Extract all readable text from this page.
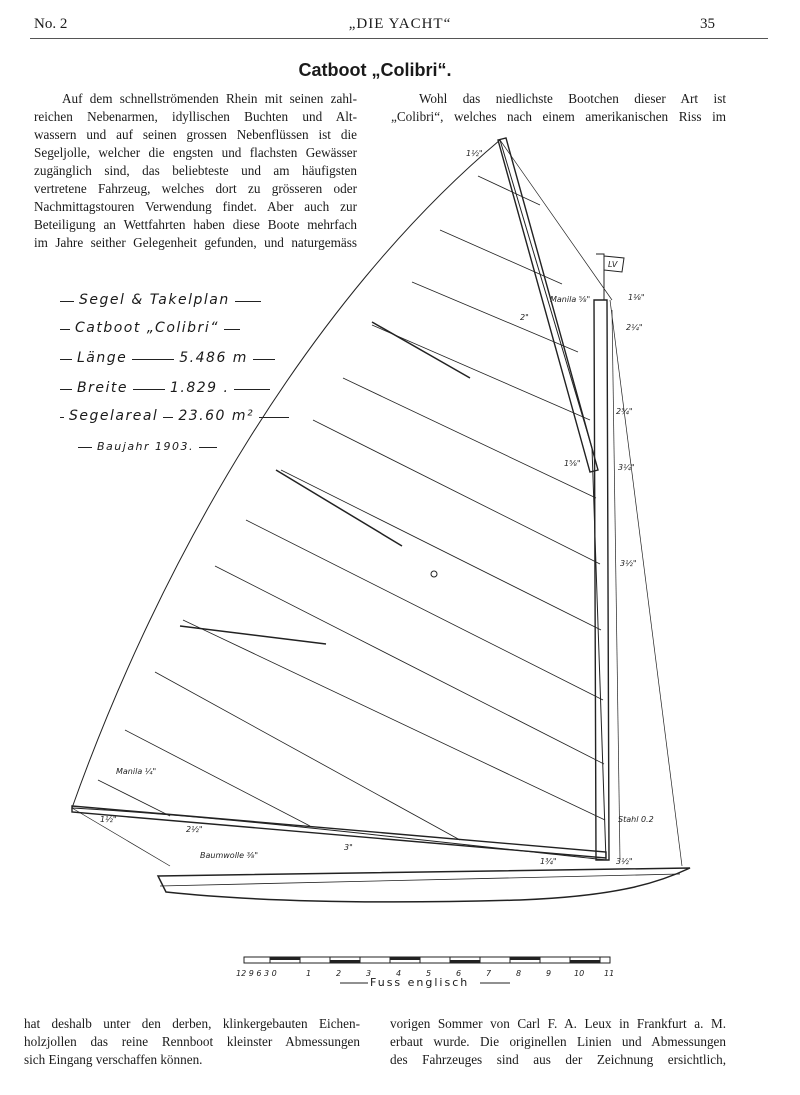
No. 2	„DIE YACHT“	35
Catboot „Colibri“.
Auf dem schnellströmenden Rhein mit seinen zahl-
reichen Nebenarmen, idyllischen Buchten und Alt-
wassern und auf seinen grossen Nebenflüssen ist die
Segeljolle, welcher die engsten und flachsten Gewässer
zugänglich sind, das beliebteste und am häufigsten
vertretene Fahrzeug, welches dort zu grösseren oder
Nachmittagstouren Verwendung findet. Aber auch zur
Beteiligung an Wettfahrten haben diese Boote mehrfach
im Jahre seither Gelegenheit gefunden, und naturgemäss
Wohl das niedlichste Bootchen dieser Art ist
„Colibri“, welches nach einem amerikanischen Riss im
Segel & Takelplan
Catboot „Colibri“
Länge	5.486 m
Breite	1.829 .
Segelareal 23.60 m²
Baujahr 1903.
1½"
Manila ⅝"	1⅛"
2¼"
2"
2¾"
1⅝"	3¼"
3½"
Manila ¼"
1½"
2½"
3"
Baumwolle ⅜"
Stahl 0.2
1¾"	3½"
LV
12 9 6 3 0	1	2	3	4	5	6	7	8	9	10 11
Fuss englisch
hat deshalb unter den derben, klinkergebauten Eichen-
holzjollen das reine Rennboot kleinster Abmessungen
sich Eingang verschaffen können.
vorigen Sommer von Carl F. A. Leux in Frankfurt a. M.
erbaut wurde. Die originellen Linien und Abmessungen
des Fahrzeuges sind aus der Zeichnung ersichtlich,
